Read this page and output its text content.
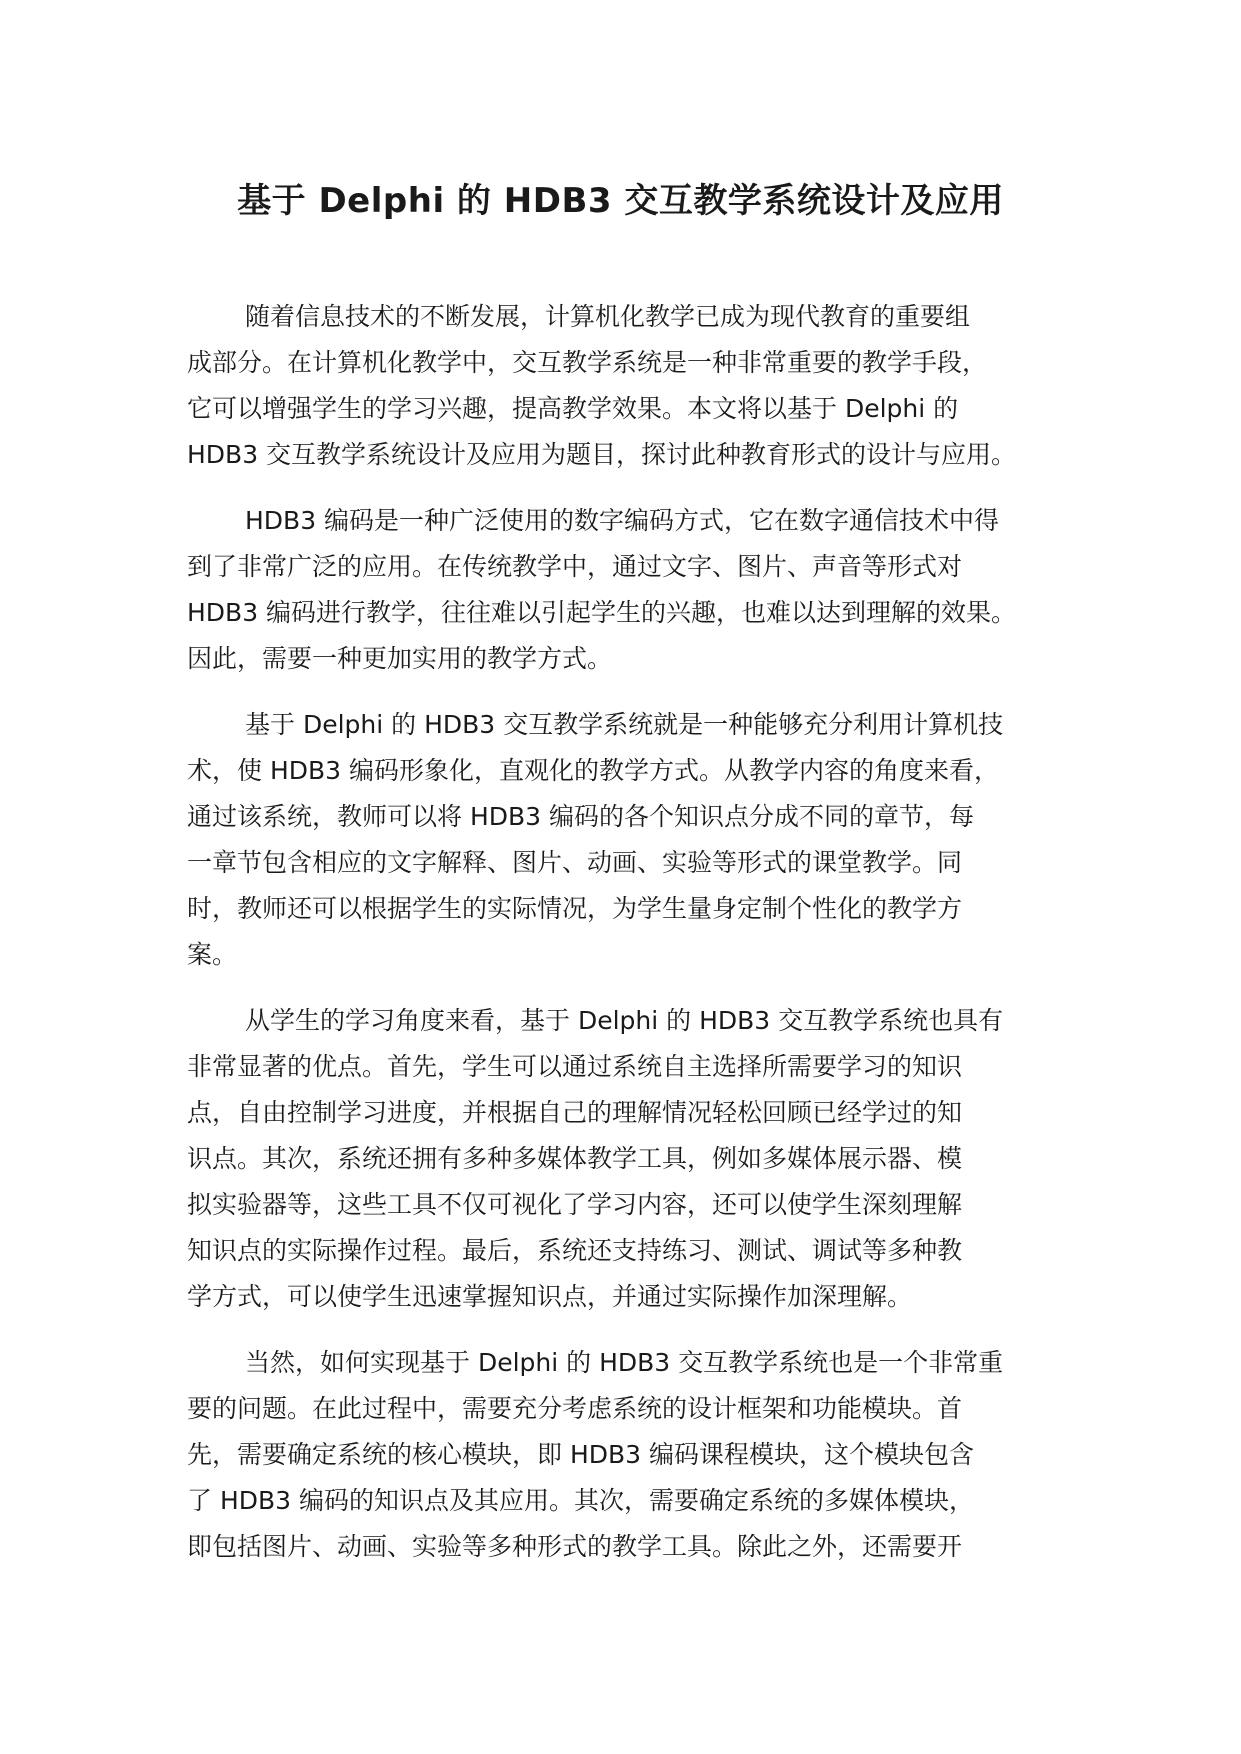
基于 Delphi 的 HDB3 交互教学系统设计及应用

随着信息技术的不断发展，计算机化教学已成为现代教育的重要组
成部分。在计算机化教学中，交互教学系统是一种非常重要的教学手段，
它可以增强学生的学习兴趣，提高教学效果。本文将以基于 Delphi 的
HDB3 交互教学系统设计及应用为题目，探讨此种教育形式的设计与应用。

HDB3 编码是一种广泛使用的数字编码方式，它在数字通信技术中得
到了非常广泛的应用。在传统教学中，通过文字、图片、声音等形式对
HDB3 编码进行教学，往往难以引起学生的兴趣，也难以达到理解的效果。
因此，需要一种更加实用的教学方式。

基于 Delphi 的 HDB3 交互教学系统就是一种能够充分利用计算机技
术，使 HDB3 编码形象化，直观化的教学方式。从教学内容的角度来看，
通过该系统，教师可以将 HDB3 编码的各个知识点分成不同的章节，每
一章节包含相应的文字解释、图片、动画、实验等形式的课堂教学。同
时，教师还可以根据学生的实际情况，为学生量身定制个性化的教学方
案。

从学生的学习角度来看，基于 Delphi 的 HDB3 交互教学系统也具有
非常显著的优点。首先，学生可以通过系统自主选择所需要学习的知识
点，自由控制学习进度，并根据自己的理解情况轻松回顾已经学过的知
识点。其次，系统还拥有多种多媒体教学工具，例如多媒体展示器、模
拟实验器等，这些工具不仅可视化了学习内容，还可以使学生深刻理解
知识点的实际操作过程。最后，系统还支持练习、测试、调试等多种教
学方式，可以使学生迅速掌握知识点，并通过实际操作加深理解。

当然，如何实现基于 Delphi 的 HDB3 交互教学系统也是一个非常重
要的问题。在此过程中，需要充分考虑系统的设计框架和功能模块。首
先，需要确定系统的核心模块，即 HDB3 编码课程模块，这个模块包含
了 HDB3 编码的知识点及其应用。其次，需要确定系统的多媒体模块，
即包括图片、动画、实验等多种形式的教学工具。除此之外，还需要开
